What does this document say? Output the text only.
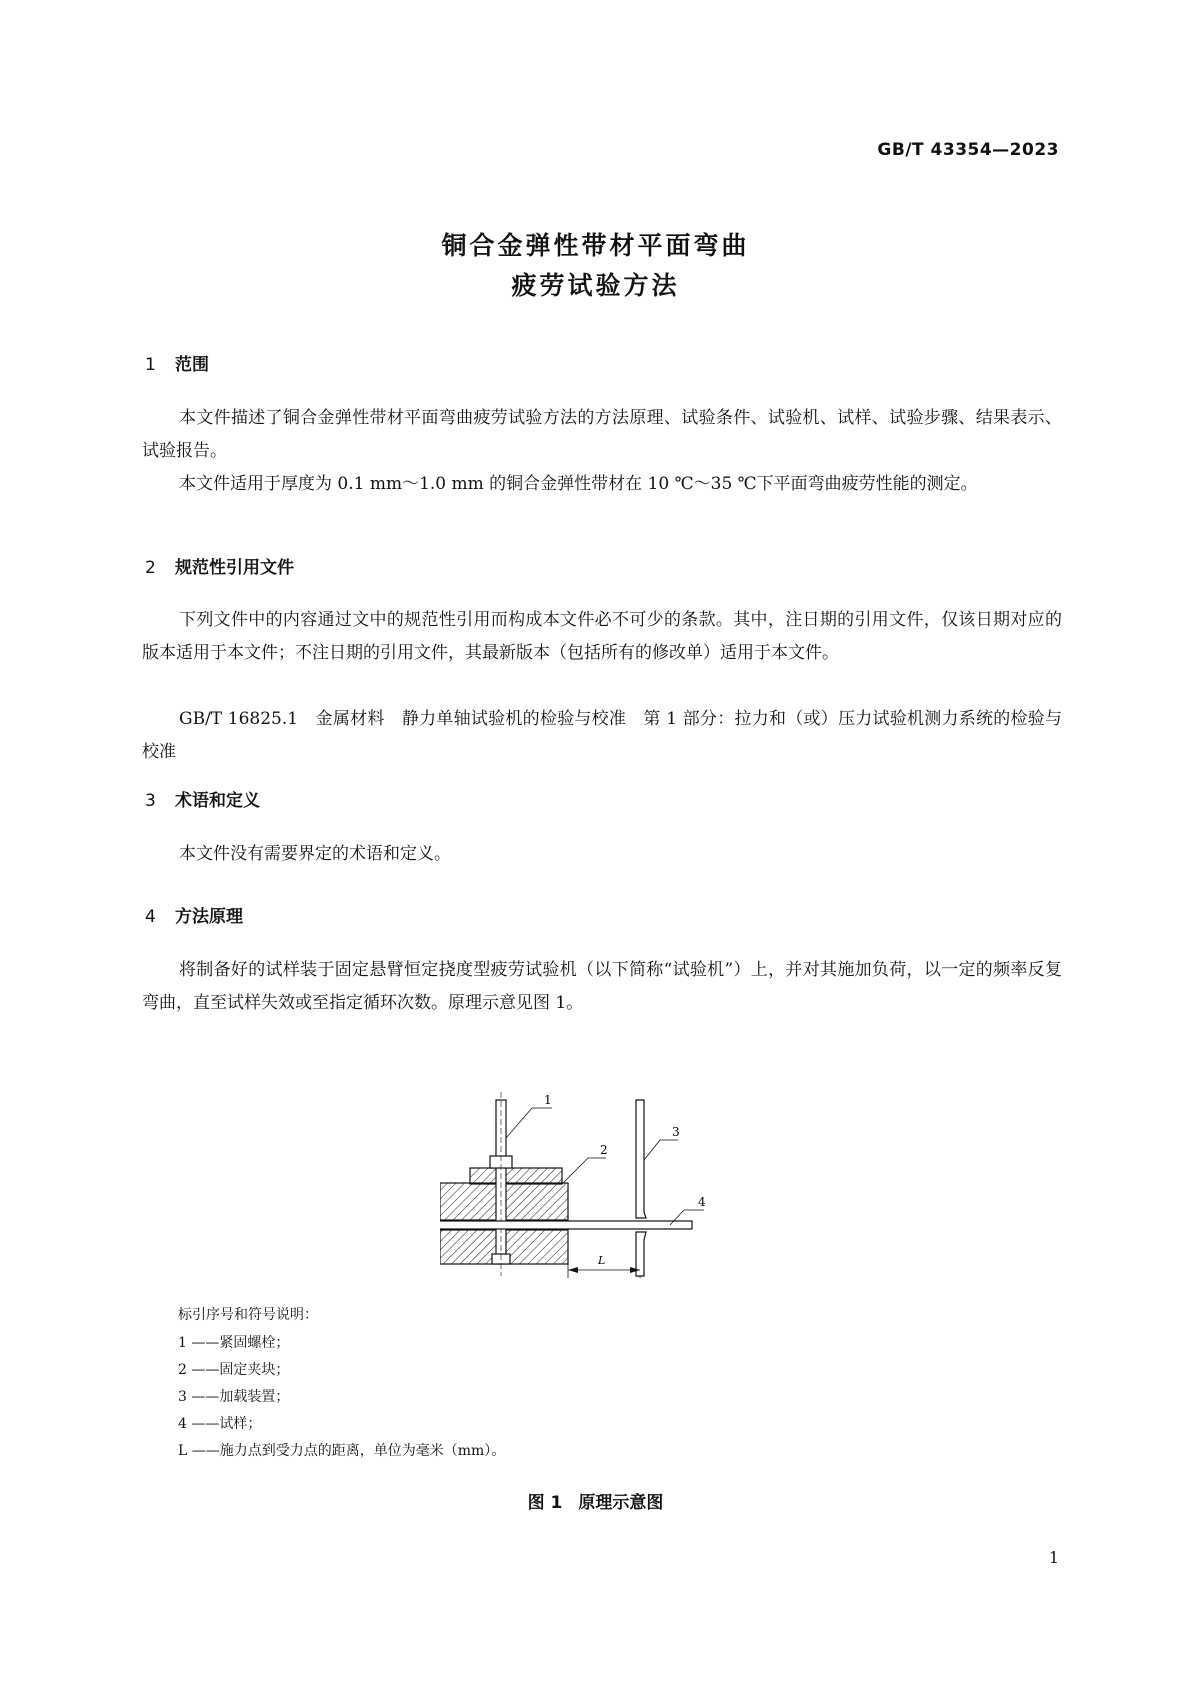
GB/T 43354—2023
铜合金弹性带材平面弯曲
疲劳试验方法
1 范围
本文件描述了铜合金弹性带材平面弯曲疲劳试验方法的方法原理、试验条件、试验机、试样、试验步骤、结果表示、试验报告。
本文件适用于厚度为 0.1 mm～1.0 mm 的铜合金弹性带材在 10 ℃～35 ℃下平面弯曲疲劳性能的测定。
2 规范性引用文件
下列文件中的内容通过文中的规范性引用而构成本文件必不可少的条款。其中，注日期的引用文件，仅该日期对应的版本适用于本文件；不注日期的引用文件，其最新版本（包括所有的修改单）适用于本文件。
GB/T 16825.1　金属材料　静力单轴试验机的检验与校准　第 1 部分：拉力和（或）压力试验机测力系统的检验与校准
3 术语和定义
本文件没有需要界定的术语和定义。
4 方法原理
将制备好的试样装于固定悬臂恒定挠度型疲劳试验机（以下简称“试验机”）上，并对其施加负荷，以一定的频率反复弯曲，直至试样失效或至指定循环次数。原理示意见图 1。
1
2
3
4
L
标引序号和符号说明：
1 ——紧固螺栓；
2 ——固定夹块；
3 ——加载装置；
4 ——试样；
L ——施力点到受力点的距离，单位为毫米（mm）。
图 1 原理示意图
1
